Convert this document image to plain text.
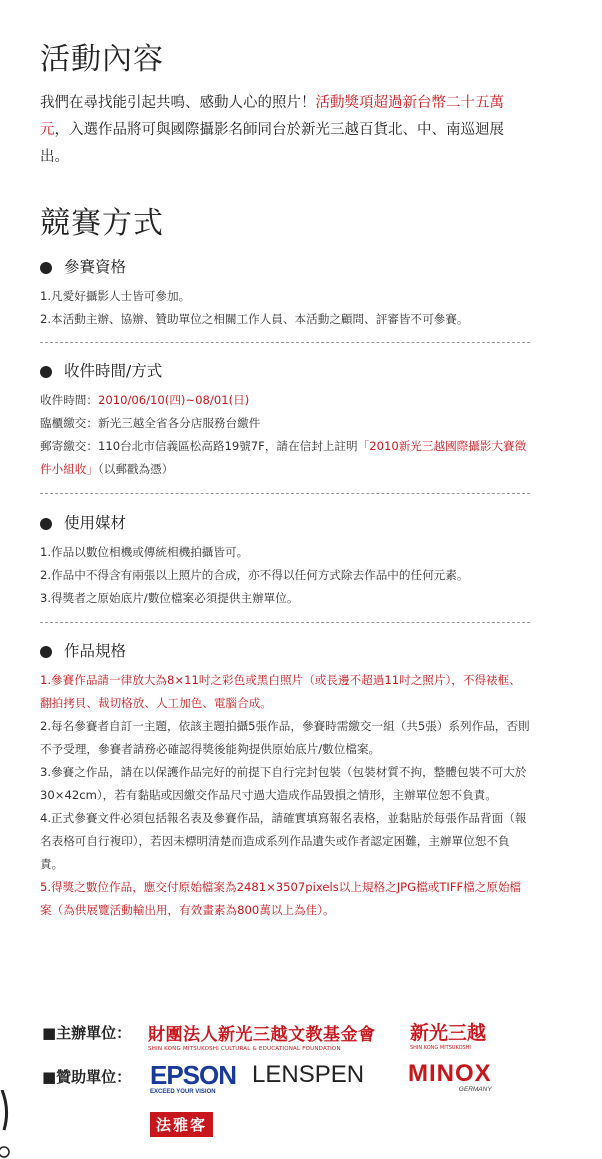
活動內容
我們在尋找能引起共鳴、感動人心的照片！活動獎項超過新台幣二十五萬元，入選作品將可與國際攝影名師同台於新光三越百貨北、中、南巡迴展出。
競賽方式
參賽資格
1.凡愛好攝影人士皆可參加。
2.本活動主辦、協辦、贊助單位之相關工作人員、本活動之顧問、評審皆不可參賽。
收件時間/方式
收件時間：2010/06/10(四)~08/01(日)
臨櫃繳交：新光三越全省各分店服務台繳件
郵寄繳交：110台北市信義區松高路19號7F，請在信封上註明「2010新光三越國際攝影大賽徵件小組收」（以郵戳為憑）
使用媒材
1.作品以數位相機或傳統相機拍攝皆可。
2.作品中不得含有兩張以上照片的合成，亦不得以任何方式除去作品中的任何元素。
3.得獎者之原始底片/數位檔案必須提供主辦單位。
作品規格
1.參賽作品請一律放大為8×11吋之彩色或黑白照片（或長邊不超過11吋之照片），不得裱框、翻拍拷貝、裁切格放、人工加色、電腦合成。
2.每名參賽者自訂一主題，依該主題拍攝5張作品，參賽時需繳交一組（共5張）系列作品，否則不予受理，參賽者請務必確認得獎後能夠提供原始底片/數位檔案。
3.參賽之作品，請在以保護作品完好的前提下自行完封包裝（包裝材質不拘，整體包裝不可大於30×42cm），若有黏貼或因繳交作品尺寸過大造成作品毀損之情形，主辦單位恕不負責。
4.正式參賽文件必須包括報名表及參賽作品，請確實填寫報名表格，並黏貼於每張作品背面（報名表格可自行複印），若因未標明清楚而造成系列作品遺失或作者認定困難，主辦單位恕不負責。
5.得獎之數位作品，應交付原始檔案為2481×3507pixels以上規格之JPG檔或TIFF檔之原始檔案（為供展覽活動輸出用，有效畫素為800萬以上為佳）。
■主辦單位： 財團法人新光三越文教基金會
SHIN KONG MITSUKOSHI CULTURAL & EDUCATIONAL FOUNDATION
新光三越
SHIN KONG MITSUKOSHI
■贊助單位： EPSON
EXCEED YOUR VISION
LENSPEN MINOX
GERMANY
法雅客
